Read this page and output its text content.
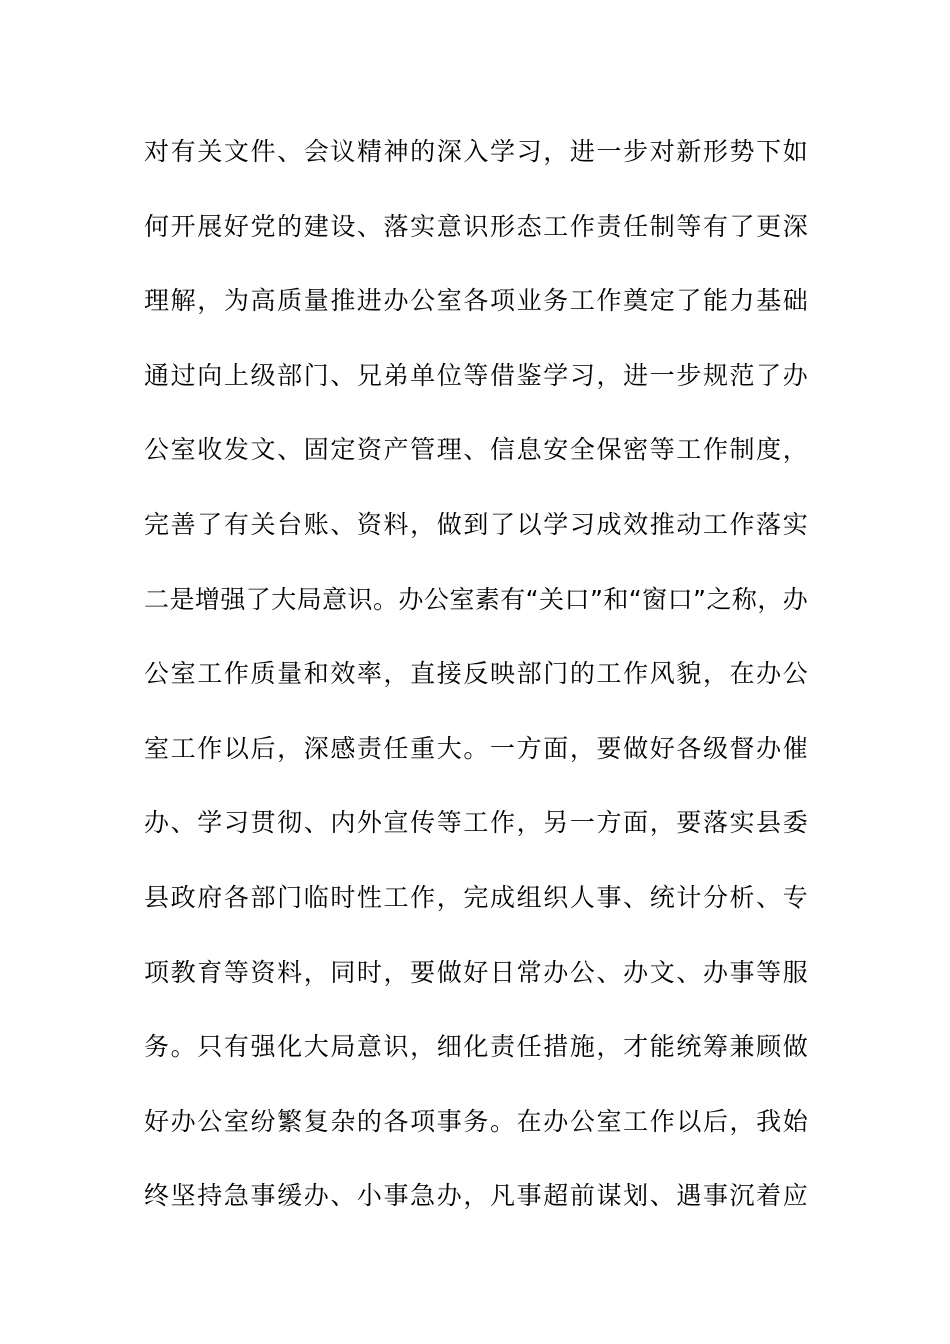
对有关文件、会议精神的深入学习，进一步对新形势下如
何开展好党的建设、落实意识形态工作责任制等有了更深
理解，为高质量推进办公室各项业务工作奠定了能力基础
通过向上级部门、兄弟单位等借鉴学习，进一步规范了办
公室收发文、固定资产管理、信息安全保密等工作制度，
完善了有关台账、资料，做到了以学习成效推动工作落实
二是增强了大局意识。办公室素有“关口”和“窗口”之称，办
公室工作质量和效率，直接反映部门的工作风貌，在办公
室工作以后，深感责任重大。一方面，要做好各级督办催
办、学习贯彻、内外宣传等工作，另一方面，要落实县委
县政府各部门临时性工作，完成组织人事、统计分析、专
项教育等资料，同时，要做好日常办公、办文、办事等服
务。只有强化大局意识，细化责任措施，才能统筹兼顾做
好办公室纷繁复杂的各项事务。在办公室工作以后，我始
终坚持急事缓办、小事急办，凡事超前谋划、遇事沉着应
